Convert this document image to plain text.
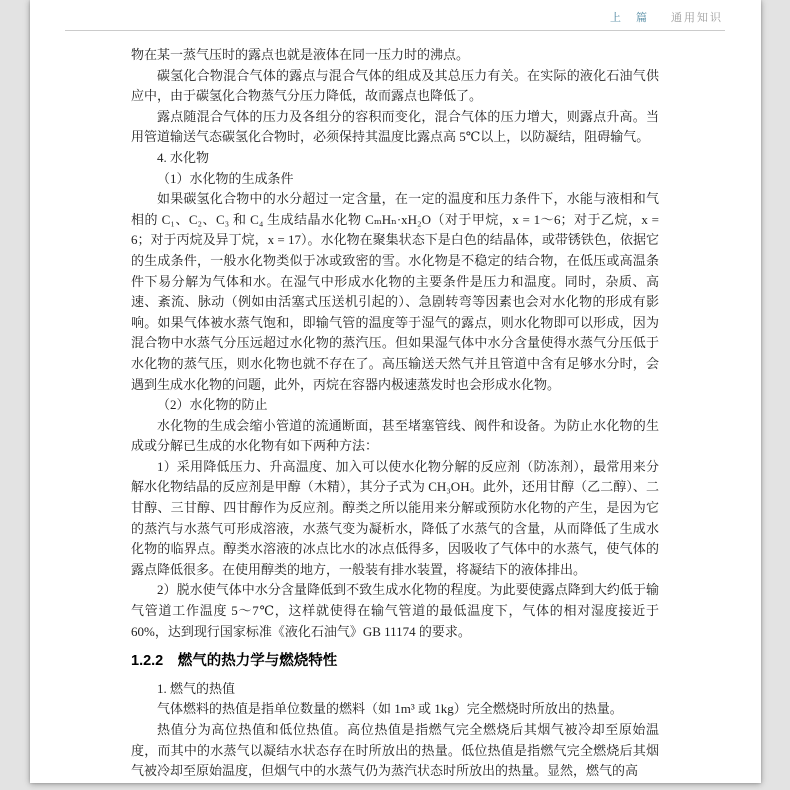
上　篇 通用知识

物在某一蒸气压时的露点也就是液体在同一压力时的沸点。

碳氢化合物混合气体的露点与混合气体的组成及其总压力有关。在实际的液化石油气供应中，由于碳氢化合物蒸气分压力降低，故而露点也降低了。

露点随混合气体的压力及各组分的容积而变化，混合气体的压力增大，则露点升高。当用管道输送气态碳氢化合物时，必须保持其温度比露点高 5℃以上，以防凝结，阻碍输气。

4. 水化物

（1）水化物的生成条件

如果碳氢化合物中的水分超过一定含量，在一定的温度和压力条件下，水能与液相和气相的 C₁、C₂、C₃ 和 C₄ 生成结晶水化物 CₘHₙ·xH₂O（对于甲烷，x = 1～6；对于乙烷，x = 6；对于丙烷及异丁烷，x = 17）。水化物在聚集状态下是白色的结晶体，或带锈铁色，依据它的生成条件，一般水化物类似于冰或致密的雪。水化物是不稳定的结合物，在低压或高温条件下易分解为气体和水。在湿气中形成水化物的主要条件是压力和温度。同时，杂质、高速、紊流、脉动（例如由活塞式压送机引起的）、急剧转弯等因素也会对水化物的形成有影响。如果气体被水蒸气饱和，即输气管的温度等于湿气的露点，则水化物即可以形成，因为混合物中水蒸气分压远超过水化物的蒸汽压。但如果湿气体中水分含量使得水蒸气分压低于水化物的蒸气压，则水化物也就不存在了。高压输送天然气并且管道中含有足够水分时，会遇到生成水化物的问题，此外，丙烷在容器内极速蒸发时也会形成水化物。

（2）水化物的防止

水化物的生成会缩小管道的流通断面，甚至堵塞管线、阀件和设备。为防止水化物的生成或分解已生成的水化物有如下两种方法：

1）采用降低压力、升高温度、加入可以使水化物分解的反应剂（防冻剂），最常用来分解水化物结晶的反应剂是甲醇（木精），其分子式为 CH₃OH。此外，还用甘醇（乙二醇）、二甘醇、三甘醇、四甘醇作为反应剂。醇类之所以能用来分解或预防水化物的产生，是因为它的蒸汽与水蒸气可形成溶液，水蒸气变为凝析水，降低了水蒸气的含量，从而降低了生成水化物的临界点。醇类水溶液的冰点比水的冰点低得多，因吸收了气体中的水蒸气，使气体的露点降低很多。在使用醇类的地方，一般装有排水装置，将凝结下的液体排出。

2）脱水使气体中水分含量降低到不致生成水化物的程度。为此要使露点降到大约低于输气管道工作温度 5～7℃，这样就使得在输气管道的最低温度下，气体的相对湿度接近于 60%，达到现行国家标准《液化石油气》GB 11174 的要求。

1.2.2　燃气的热力学与燃烧特性

1. 燃气的热值

气体燃料的热值是指单位数量的燃料（如 1m³ 或 1kg）完全燃烧时所放出的热量。

热值分为高位热值和低位热值。高位热值是指燃气完全燃烧后其烟气被冷却至原始温度，而其中的水蒸气以凝结水状态存在时所放出的热量。低位热值是指燃气完全燃烧后其烟气被冷却至原始温度，但烟气中的水蒸气仍为蒸汽状态时所放出的热量。显然，燃气的高
